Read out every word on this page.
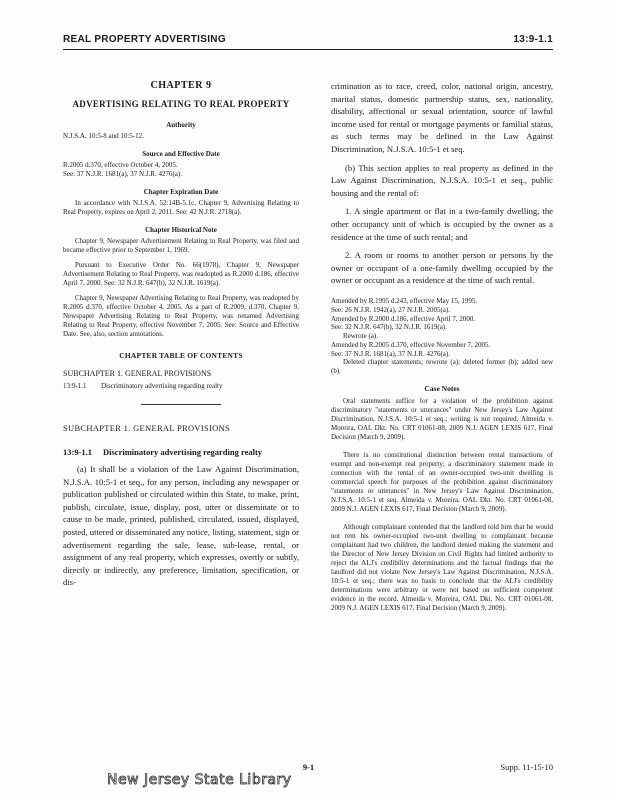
REAL PROPERTY ADVERTISING	13:9-1.1
CHAPTER 9
ADVERTISING RELATING TO REAL PROPERTY
Authority
N.J.S.A. 10:5-8 and 10:5-12.
Source and Effective Date
R.2005 d.370, effective October 4, 2005.
See: 37 N.J.R. 1681(a), 37 N.J.R. 4276(a).
Chapter Expiration Date
In accordance with N.J.S.A. 52:14B-5.1c, Chapter 9, Advertising Relating to Real Property, expires on April 2, 2011. See: 42 N.J.R. 2718(a).
Chapter Historical Note
Chapter 9, Newspaper Advertisement Relating to Real Property, was filed and became effective prior to September 1, 1969.
Pursuant to Executive Order No. 66(1978), Chapter 9, Newspaper Advertisement Relating to Real Property, was readopted as R.2000 d.186, effective April 7, 2000. See: 32 N.J.R. 647(b), 32 N.J.R. 1619(a).
Chapter 9, Newspaper Advertising Relating to Real Property, was readopted by R.2005 d.370, effective October 4, 2005. As a part of R.2009, d.370, Chapter 9, Newspaper Advertising Relating to Real Property, was renamed Advertising Relating to Real Property, effective November 7, 2005. See: Source and Effective Date. See, also, section annotations.
CHAPTER TABLE OF CONTENTS
SUBCHAPTER 1. GENERAL PROVISIONS
13:9-1.1	Discriminatory advertising regarding realty
SUBCHAPTER 1. GENERAL PROVISIONS
13:9-1.1	Discriminatory advertising regarding realty
(a) It shall be a violation of the Law Against Discrimination, N.J.S.A. 10:5-1 et seq., for any person, including any newspaper or publication published or circulated within this State, to make, print, publish, circulate, issue, display, post, utter or disseminate or to cause to be made, printed, published, circulated, issued, displayed, posted, uttered or disseminated any notice, listing, statement, sign or advertisement regarding the sale, lease, sub-lease, rental, or assignment of any real property, which expresses, overtly or subtly, directly or indirectly, any preference, limitation, specification, or dis-
crimination as to race, creed, color, national origin, ancestry, marital status, domestic partnership status, sex, nationality, disability, affectional or sexual orientation, source of lawful income used for rental or mortgage payments or familial status, as such terms may be defined in the Law Against Discrimination, N.J.S.A. 10:5-1 et seq.
(b) This section applies to real property as defined in the Law Against Discrimination, N.J.S.A. 10:5-1 et seq., public housing and the rental of:
1. A single apartment or flat in a two-family dwelling, the other occupancy unit of which is occupied by the owner as a residence at the time of such rental; and
2. A room or rooms to another person or persons by the owner or occupant of a one-family dwelling occupied by the owner or occupant as a residence at the time of such rental.
Amended by R.1995 d.243, effective May 15, 1995.
See: 26 N.J.R. 1942(a), 27 N.J.R. 2005(a).
Amended by R.2000 d.186, effective April 7, 2000.
See: 32 N.J.R. 647(b), 32 N.J.R. 1619(a).
Rewrote (a).
Amended by R.2005 d.370, effective November 7, 2005.
See: 37 N.J.R. 1681(a), 37 N.J.R. 4276(a).
Deleted chapter statements; rewrote (a); deleted former (b); added new (b).
Case Notes
Oral statements suffice for a violation of the prohibition against discriminatory "statements or utterances" under New Jersey's Law Against Discrimination, N.J.S.A. 10:5-1 et seq.; writing is not required. Almeida v. Moreira, OAL Dkt. No. CRT 01061-08, 2009 N.J. AGEN LEXIS 617, Final Decision (March 9, 2009).
There is no constitutional distinction between rental transactions of exempt and non-exempt real property; a discriminatory statement made in connection with the rental of an owner-occupied two-unit dwelling is commercial speech for purposes of the prohibition against discriminatory "statements or utterances" in New Jersey's Law Against Discrimination, N.J.S.A. 10:5-1 et seq. Almeida v. Moreira, OAL Dkt. No. CRT 01061-08, 2009 N.J. AGEN LEXIS 617, Final Decision (March 9, 2009).
Although complainant contended that the landlord told him that he would not rent his owner-occupied two-unit dwelling to complainant because complainant had two children, the landlord denied making the statement and the Director of New Jersey Division on Civil Rights had limited authority to reject the ALJ's credibility determinations and the factual findings that the landlord did not violate New Jersey's Law Against Discrimination, N.J.S.A. 10:5-1 et seq.; there was no basis to conclude that the ALJ's credibility determinations were arbitrary or were not based on sufficient competent evidence in the record. Almeida v. Moreira, OAL Dkt. No. CRT 01061-08, 2009 N.J. AGEN LEXIS 617, Final Decision (March 9, 2009).
9-1	Supp. 11-15-10
New Jersey State Library
